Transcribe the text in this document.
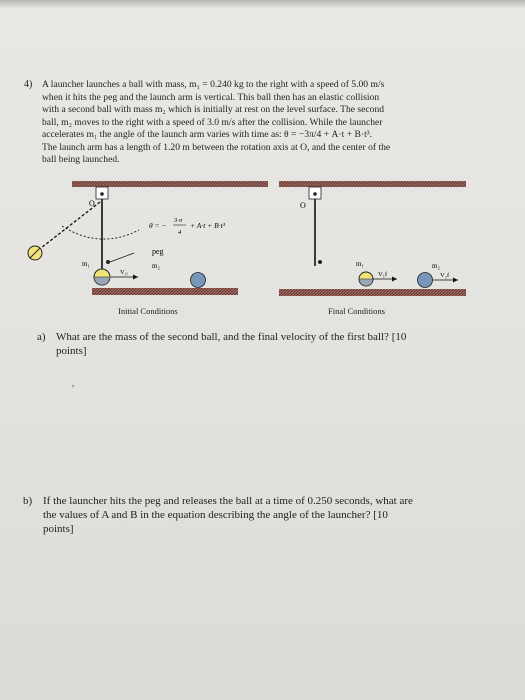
4) A launcher launches a ball with mass, m₁ = 0.240 kg to the right with a speed of 5.00 m/s
when it hits the peg and the launch arm is vertical. This ball then has an elastic collision
with a second ball with mass m₂ which is initially at rest on the level surface. The second
ball, m₂ moves to the right with a speed of 3.0 m/s after the collision. While the launcher
accelerates m₁ the angle of the launch arm varies with time as: θ = −3π/4 + A·t + B·t³.
The launch arm has a length of 1.20 m between the rotation axis at O, and the center of the
ball being launched.
O
θ = −
3·π
4
+ A·t + B·t³
peg
m₁	m₂
V₁ᵢ
O
m₁	m₂
V₁f	V₂f
Initial Conditions	Final Conditions
a) What are the mass of the second ball, and the final velocity of the first ball? [10
points]
,
b) If the launcher hits the peg and releases the ball at a time of 0.250 seconds, what are
the values of A and B in the equation describing the angle of the launcher? [10
points]
